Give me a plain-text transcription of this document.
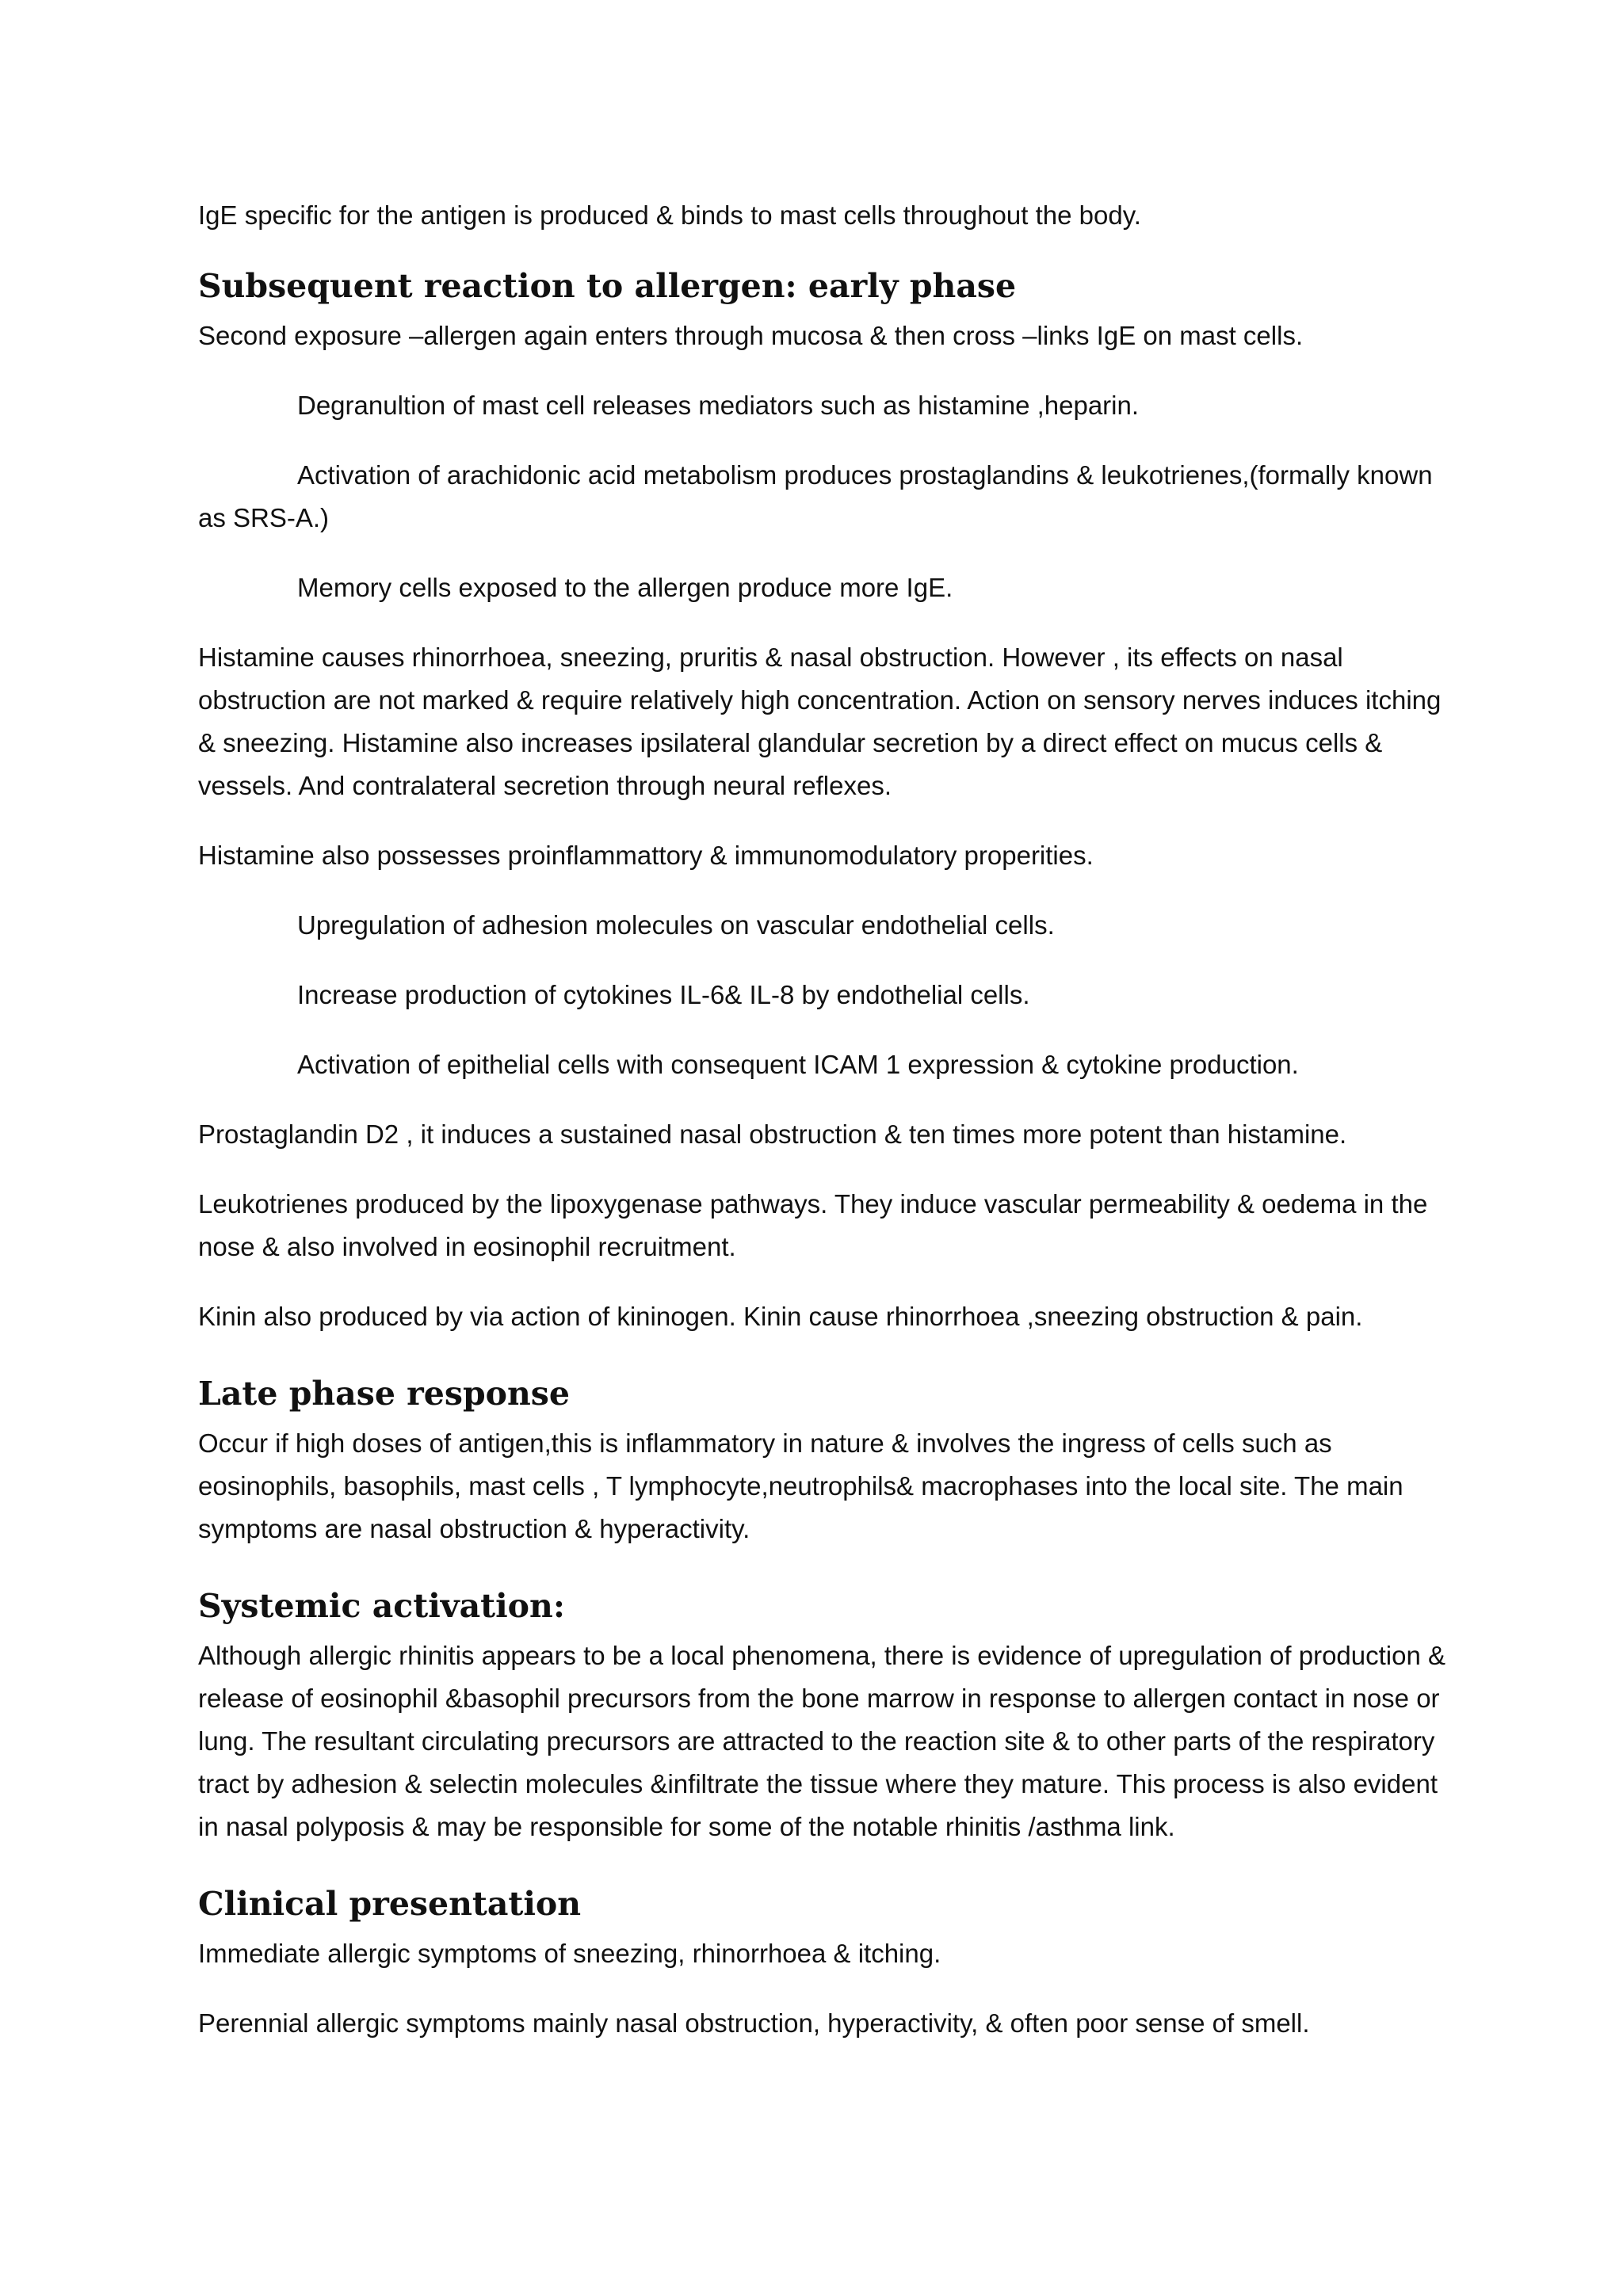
IgE specific for the antigen is produced & binds to mast cells throughout the body.

Subsequent reaction to allergen: early phase

Second exposure –allergen again enters through mucosa & then cross –links IgE on mast cells.

Degranultion of mast cell releases mediators such as histamine ,heparin.

Activation of arachidonic acid metabolism produces prostaglandins & leukotrienes,(formally known as SRS-A.)

Memory cells exposed to the allergen produce more IgE.

Histamine causes rhinorrhoea, sneezing, pruritis & nasal obstruction. However , its effects on nasal obstruction are not marked & require relatively high concentration. Action on sensory nerves induces itching & sneezing. Histamine also increases ipsilateral glandular secretion by a direct effect on mucus cells & vessels. And contralateral secretion through neural reflexes.

Histamine also possesses proinflammattory & immunomodulatory properities.

Upregulation of adhesion molecules on vascular endothelial cells.

Increase production of cytokines IL-6& IL-8 by endothelial cells.

Activation of epithelial cells with consequent ICAM 1 expression & cytokine production.

Prostaglandin D2 , it induces a sustained nasal obstruction & ten times more potent than histamine.

Leukotrienes produced by the lipoxygenase pathways. They induce vascular permeability & oedema in the nose & also involved in eosinophil recruitment.

Kinin also produced by via action of kininogen. Kinin cause rhinorrhoea ,sneezing obstruction & pain.

Late phase response

Occur if high doses of antigen,this is inflammatory in nature & involves the ingress of cells such as eosinophils, basophils, mast cells , T lymphocyte,neutrophils& macrophases into the local site. The main symptoms are nasal obstruction & hyperactivity.

Systemic activation:

Although allergic rhinitis appears to be a local phenomena, there is evidence of upregulation of production & release of eosinophil &basophil precursors from the bone marrow in response to allergen contact in nose or lung. The resultant circulating precursors are attracted to the reaction site & to other parts of the respiratory tract by adhesion & selectin molecules &infiltrate the tissue where they mature. This process is also evident in nasal polyposis & may be responsible for some of the notable rhinitis /asthma link.

Clinical presentation

Immediate allergic symptoms of sneezing, rhinorrhoea & itching.

Perennial allergic symptoms mainly nasal obstruction, hyperactivity, & often poor sense of smell.
